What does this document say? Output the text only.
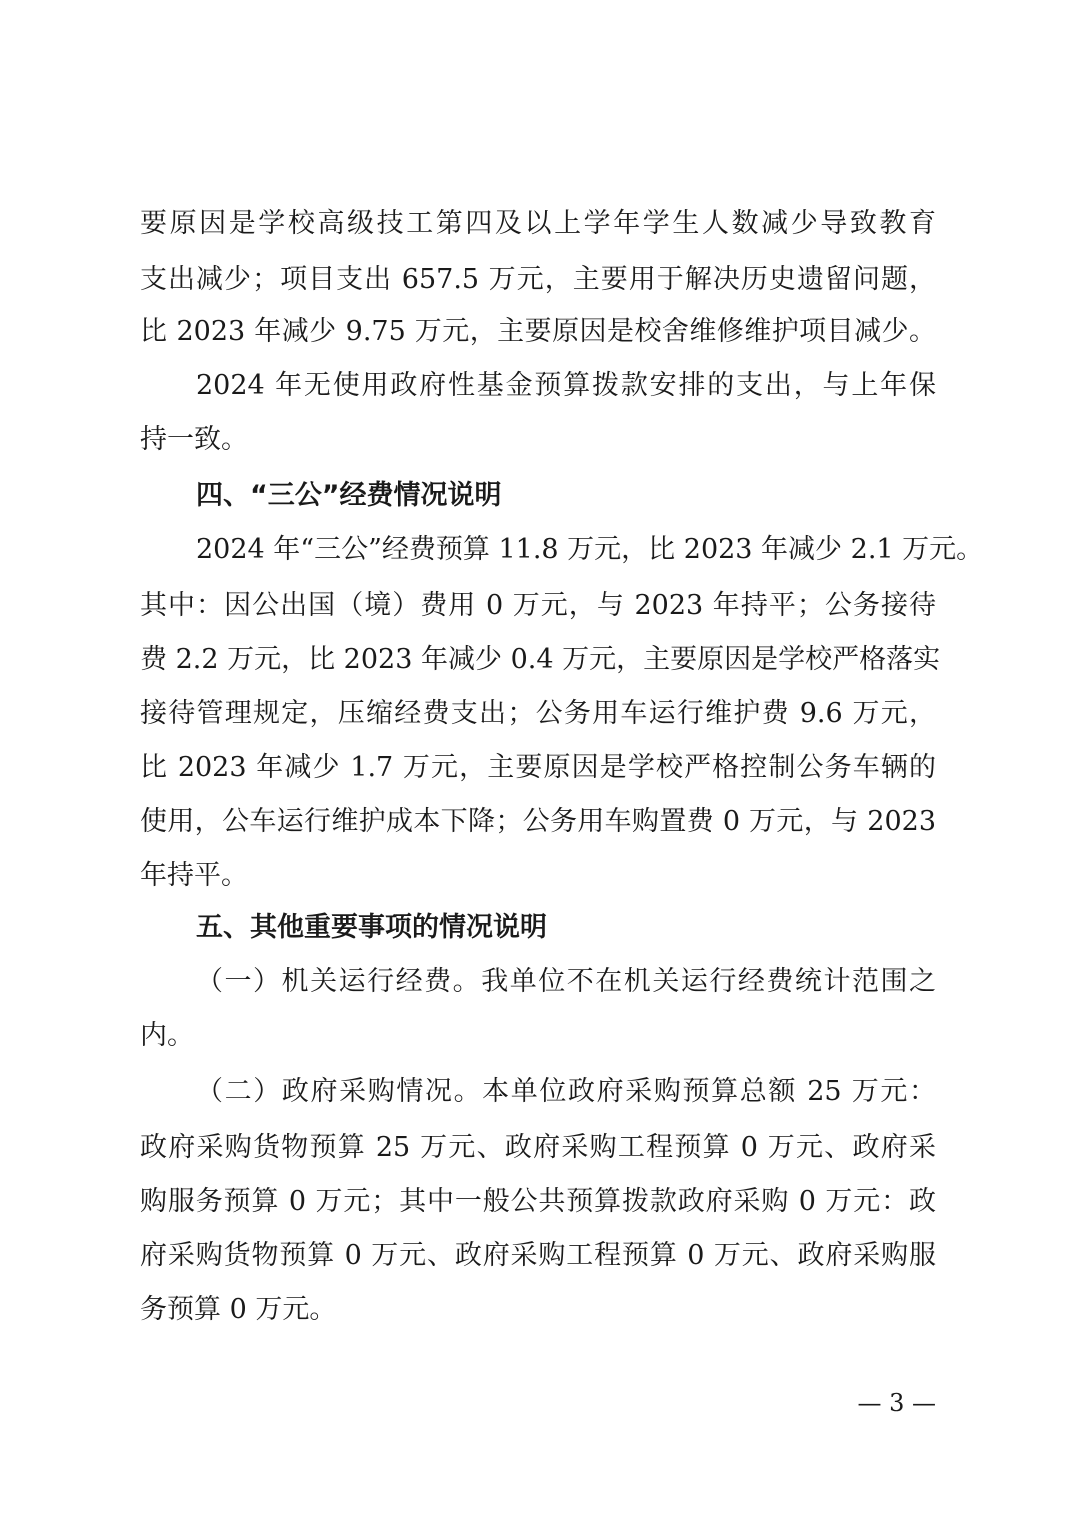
要原因是学校高级技工第四及以上学年学生人数减少导致教育
支出减少；项目支出 657.5 万元，主要用于解决历史遗留问题，
比 2023 年减少 9.75 万元，主要原因是校舍维修维护项目减少。
2024 年无使用政府性基金预算拨款安排的支出，与上年保
持一致。
四、“三公”经费情况说明
2024 年“三公”经费预算 11.8 万元，比 2023 年减少 2.1 万元。
其中：因公出国（境）费用 0 万元，与 2023 年持平；公务接待
费 2.2 万元，比 2023 年减少 0.4 万元，主要原因是学校严格落实
接待管理规定，压缩经费支出；公务用车运行维护费 9.6 万元，
比 2023 年减少 1.7 万元，主要原因是学校严格控制公务车辆的
使用，公车运行维护成本下降；公务用车购置费 0 万元，与 2023
年持平。
五、其他重要事项的情况说明
（一）机关运行经费。我单位不在机关运行经费统计范围之
内。
（二）政府采购情况。本单位政府采购预算总额 25 万元：
政府采购货物预算 25 万元、政府采购工程预算 0 万元、政府采
购服务预算 0 万元；其中一般公共预算拨款政府采购 0 万元：政
府采购货物预算 0 万元、政府采购工程预算 0 万元、政府采购服
务预算 0 万元。
— 3 —
